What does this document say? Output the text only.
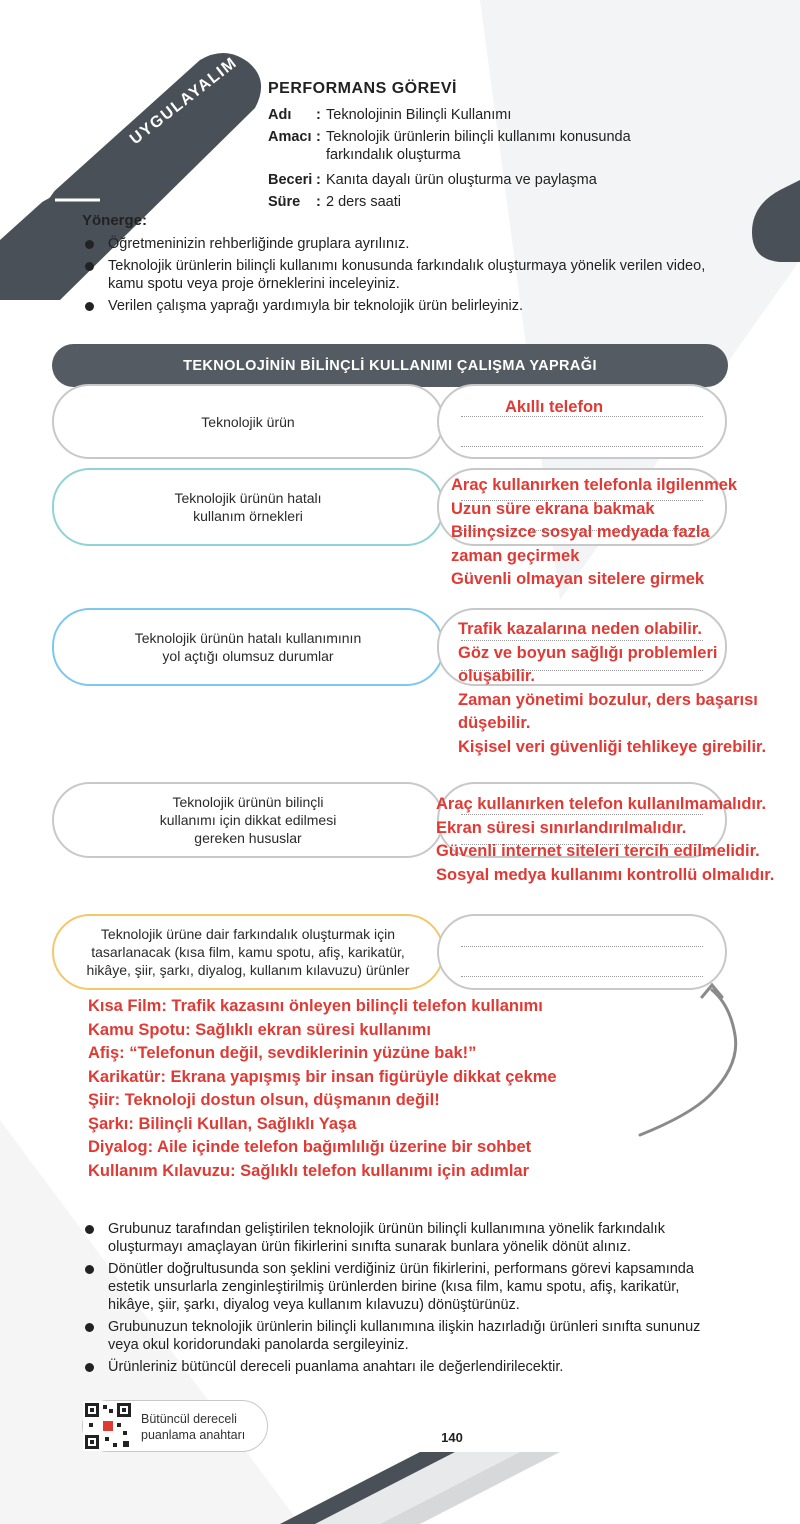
UYGULAYALIM PERFORMANS GÖREVİ
Adı	: Teknolojinin Bilinçli Kullanımı
Amacı : Teknolojik ürünlerin bilinçli kullanımı konusunda farkındalık oluşturma
Beceri : Kanıta dayalı ürün oluşturma ve paylaşma
Süre	: 2 ders saati
Yönerge:
Öğretmeninizin rehberliğinde gruplara ayrılınız.
Teknolojik ürünlerin bilinçli kullanımı konusunda farkındalık oluşturmaya yönelik verilen video, kamu spotu veya proje örneklerini inceleyiniz.
Verilen çalışma yaprağı yardımıyla bir teknolojik ürün belirleyiniz.
TEKNOLOJİNİN BİLİNÇLİ KULLANIMI ÇALIŞMA YAPRAĞI
Teknolojik ürün
Akıllı telefon
Teknolojik ürünün hatalı kullanım örnekleri
Araç kullanırken telefonla ilgilenmek
Uzun süre ekrana bakmak
Bilinçsizce sosyal medyada fazla
zaman geçirmek
Güvenli olmayan sitelere girmek
Teknolojik ürünün hatalı kullanımının yol açtığı olumsuz durumlar
Trafik kazalarına neden olabilir.
Göz ve boyun sağlığı problemleri
oluşabilir.
Zaman yönetimi bozulur, ders başarısı
düşebilir.
Kişisel veri güvenliği tehlikeye girebilir.
Teknolojik ürünün bilinçli kullanımı için dikkat edilmesi gereken hususlar
Araç kullanırken telefon kullanılmamalıdır.
Ekran süresi sınırlandırılmalıdır.
Güvenli internet siteleri tercih edilmelidir.
Sosyal medya kullanımı kontrollü olmalıdır.
Teknolojik ürüne dair farkındalık oluşturmak için tasarlanacak (kısa film, kamu spotu, afiş, karikatür, hikâye, şiir, şarkı, diyalog, kullanım kılavuzu) ürünler
Kısa Film: Trafik kazasını önleyen bilinçli telefon kullanımı
Kamu Spotu: Sağlıklı ekran süresi kullanımı
Afiş: “Telefonun değil, sevdiklerinin yüzüne bak!”
Karikatür: Ekrana yapışmış bir insan figürüyle dikkat çekme
Şiir: Teknoloji dostun olsun, düşmanın değil!
Şarkı: Bilinçli Kullan, Sağlıklı Yaşa
Diyalog: Aile içinde telefon bağımlılığı üzerine bir sohbet
Kullanım Kılavuzu: Sağlıklı telefon kullanımı için adımlar
Grubunuz tarafından geliştirilen teknolojik ürünün bilinçli kullanımına yönelik farkındalık oluşturmayı amaçlayan ürün fikirlerini sınıfta sunarak bunlara yönelik dönüt alınız.
Dönütler doğrultusunda son şeklini verdiğiniz ürün fikirlerini, performans görevi kapsamında estetik unsurlarla zenginleştirilmiş ürünlerden birine (kısa film, kamu spotu, afiş, karikatür, hikâye, şiir, şarkı, diyalog veya kullanım kılavuzu) dönüştürünüz.
Grubunuzun teknolojik ürünlerin bilinçli kullanımına ilişkin hazırladığı ürünleri sınıfta sununuz veya okul koridorundaki panolarda sergileyiniz.
Ürünleriniz bütüncül dereceli puanlama anahtarı ile değerlendirilecektir.
Bütüncül dereceli
puanlama anahtarı	140
